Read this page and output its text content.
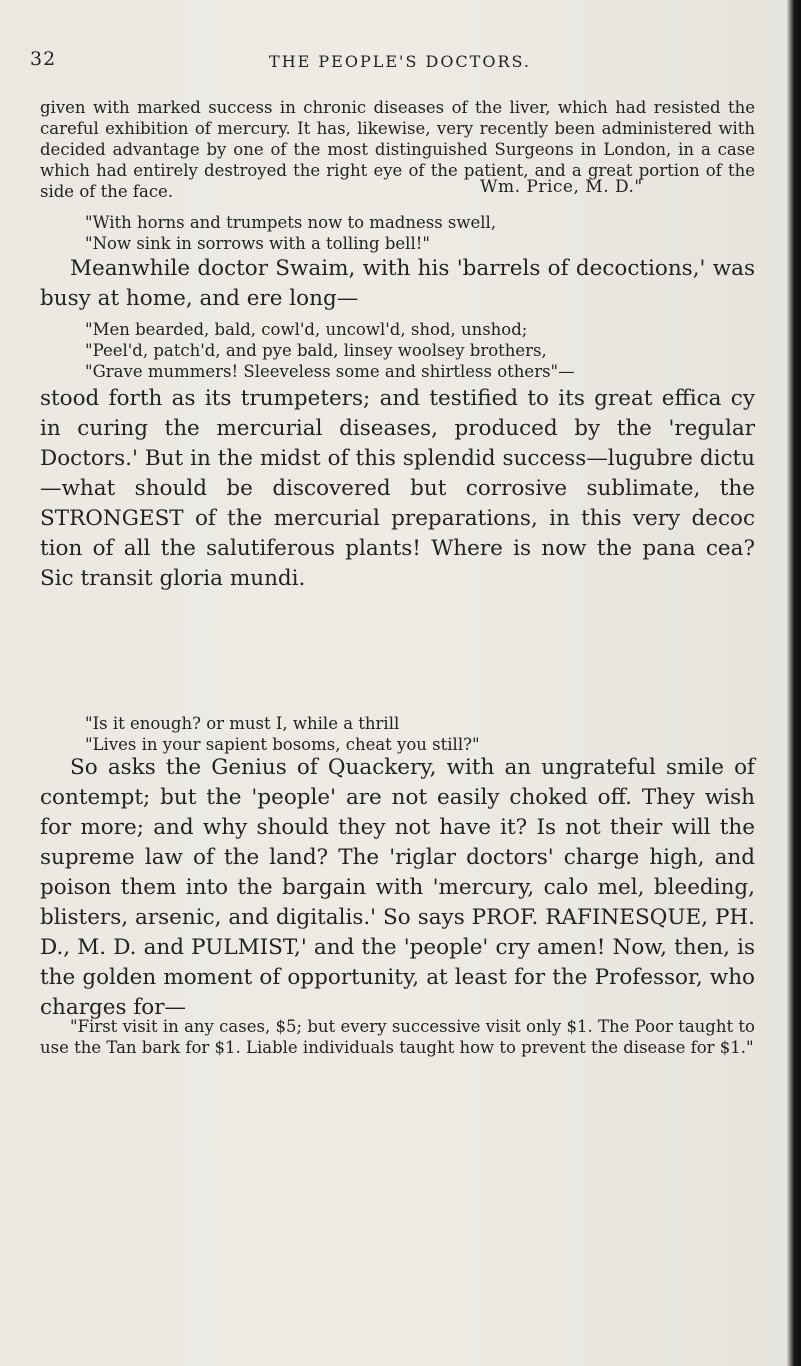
32	THE PEOPLE'S DOCTORS.
given with marked success in chronic diseases of the liver, which had resisted the careful exhibition of mercury. It has, likewise, very recently been administered with decided advantage by one of the most distinguished Surgeons in London, in a case which had entirely destroyed the right eye of the patient, and a great portion of the side of the face.	Wm. Price, M. D."
"With horns and trumpets now to madness swell,
"Now sink in sorrows with a tolling bell!"
Meanwhile doctor Swaim, with his 'barrels of decoctions,' was busy at home, and ere long—
"Men bearded, bald, cowl'd, uncowl'd, shod, unshod;
"Peel'd, patch'd, and pye bald, linsey woolsey brothers,
"Grave mummers! Sleeveless some and shirtless others"—
stood forth as its trumpeters; and testified to its great effica cy in curing the mercurial diseases, produced by the 'regular Doctors.' But in the midst of this splendid success—lugubre dictu—what should be discovered but corrosive sublimate, the STRONGEST of the mercurial preparations, in this very decoc tion of all the salutiferous plants! Where is now the pana cea? Sic transit gloria mundi.
"Is it enough? or must I, while a thrill
"Lives in your sapient bosoms, cheat you still?"
So asks the Genius of Quackery, with an ungrateful smile of contempt; but the 'people' are not easily choked off. They wish for more; and why should they not have it? Is not their will the supreme law of the land? The 'riglar doctors' charge high, and poison them into the bargain with 'mercury, calo mel, bleeding, blisters, arsenic, and digitalis.' So says PROF. RAFINESQUE, PH. D., M. D. and PULMIST,' and the 'people' cry amen! Now, then, is the golden moment of opportunity, at least for the Professor, who charges for—
"First visit in any cases, $5; but every successive visit only $1. The Poor taught to use the Tan bark for $1. Liable individuals taught how to prevent the disease for $1."
